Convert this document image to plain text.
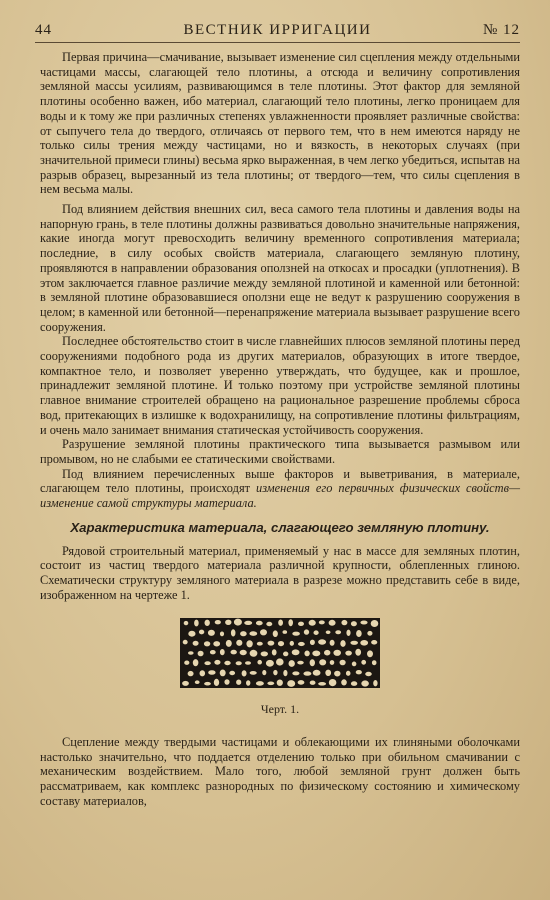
44	ВЕСТНИК ИРРИГАЦИИ	№ 12

Первая причина—смачивание, вызывает изменение сил сцепления между отдельными частицами массы, слагающей тело плотины, а отсюда и величину сопротивления земляной массы усилиям, развивающимся в теле плотины. Этот фактор для земляной плотины особенно важен, ибо материал, слагающий тело плотины, легко проницаем для воды и к тому же при различных степенях увлажненности проявляет различные свойства: от сыпучего тела до твердого, отличаясь от первого тем, что в нем имеются наряду не только силы трения между частицами, но и вязкость, в некоторых случаях (при значительной примеси глины) весьма ярко выраженная, в чем легко убедиться, испытав на разрыв образец, вырезанный из тела плотины; от твердого—тем, что силы сцепления в нем весьма малы.

Под влиянием действия внешних сил, веса самого тела плотины и давления воды на напорную грань, в теле плотины должны развиваться довольно значительные напряжения, какие иногда могут превосходить величину временного сопротивления материала; последние, в силу особых свойств материала, слагающего земляную плотину, проявляются в направлении образования оползней на откосах и просадки (уплотнения). В этом заключается главное различие между земляной плотиной и каменной или бетонной: в земляной плотине образовавшиеся оползни еще не ведут к разрушению сооружения в целом; в каменной или бетонной—перенапряжение материала вызывает разрушение всего сооружения.

Последнее обстоятельство стоит в числе главнейших плюсов земляной плотины перед сооружениями подобного рода из других материалов, образующих в итоге твердое, компактное тело, и позволяет уверенно утверждать, что будущее, как и прошлое, принадлежит земляной плотине. И только поэтому при устройстве земляной плотины главное внимание строителей обращено на рациональное разрешение проблемы сброса вод, притекающих в излишке к водохранилищу, на сопротивление плотины фильтрациям, и очень мало занимает внимания статическая устойчивость сооружения.

Разрушение земляной плотины практического типа вызывается размывом или промывом, но не слабыми ее статическими свойствами.

Под влиянием перечисленных выше факторов и выветривания, в материале, слагающем тело плотины, происходят изменения его первичных физических свойств—изменение самой структуры материала.

Характеристика материала, слагающего земляную плотину.

Рядовой строительный материал, применяемый у нас в массе для земляных плотин, состоит из частиц твердого материала различной крупности, облепленных глиною. Схематически структуру земляного материала в разрезе можно представить себе в виде, изображенном на чертеже 1.

Черт. 1.

Сцепление между твердыми частицами и облекающими их глиняными оболочками настолько значительно, что поддается отделению только при обильном смачивании с механическим воздействием. Мало того, любой земляной грунт должен быть рассматриваем, как комплекс разнородных по физическому состоянию и химическому составу материалов,
